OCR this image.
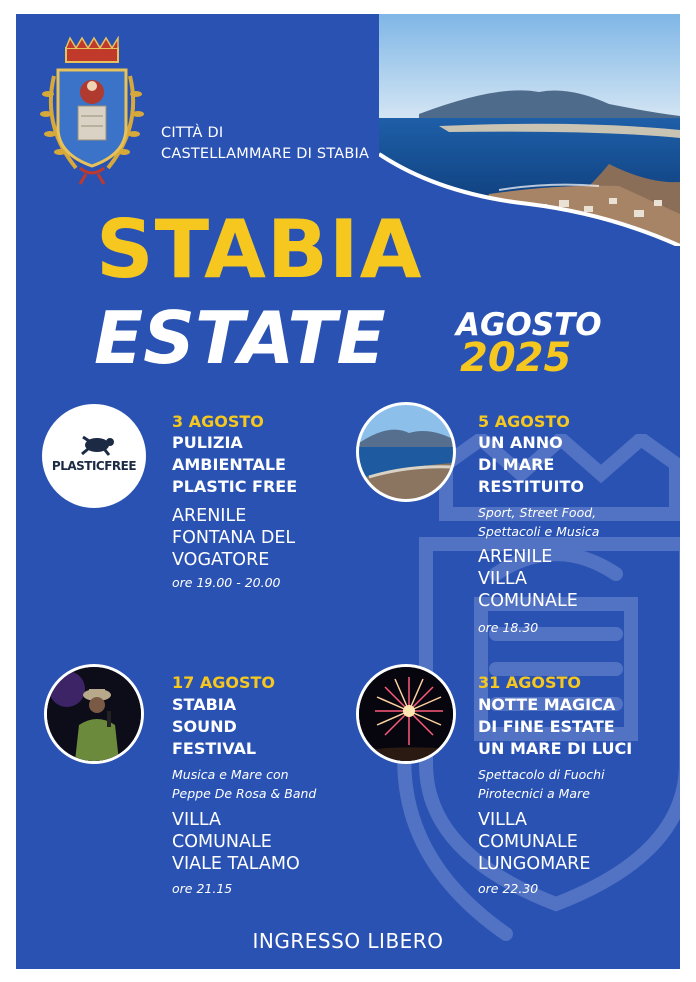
CITTÀ DI
CASTELLAMMARE DI STABIA
STABIA
ESTATE AGOSTO
2025
PLASTICFREE
3 AGOSTO
PULIZIA
AMBIENTALE
PLASTIC FREE
ARENILE
FONTANA DEL
VOGATORE
ore 19.00 - 20.00
5 AGOSTO
UN ANNO
DI MARE
RESTITUITO
Sport, Street Food,
Spettacoli e Musica
ARENILE
VILLA
COMUNALE
ore 18.30
17 AGOSTO
STABIA
SOUND
FESTIVAL
Musica e Mare con
Peppe De Rosa & Band
VILLA
COMUNALE
VIALE TALAMO
ore 21.15
31 AGOSTO
NOTTE MAGICA
DI FINE ESTATE
UN MARE DI LUCI
Spettacolo di Fuochi
Pirotecnici a Mare
VILLA
COMUNALE
LUNGOMARE
ore 22.30
INGRESSO LIBERO
